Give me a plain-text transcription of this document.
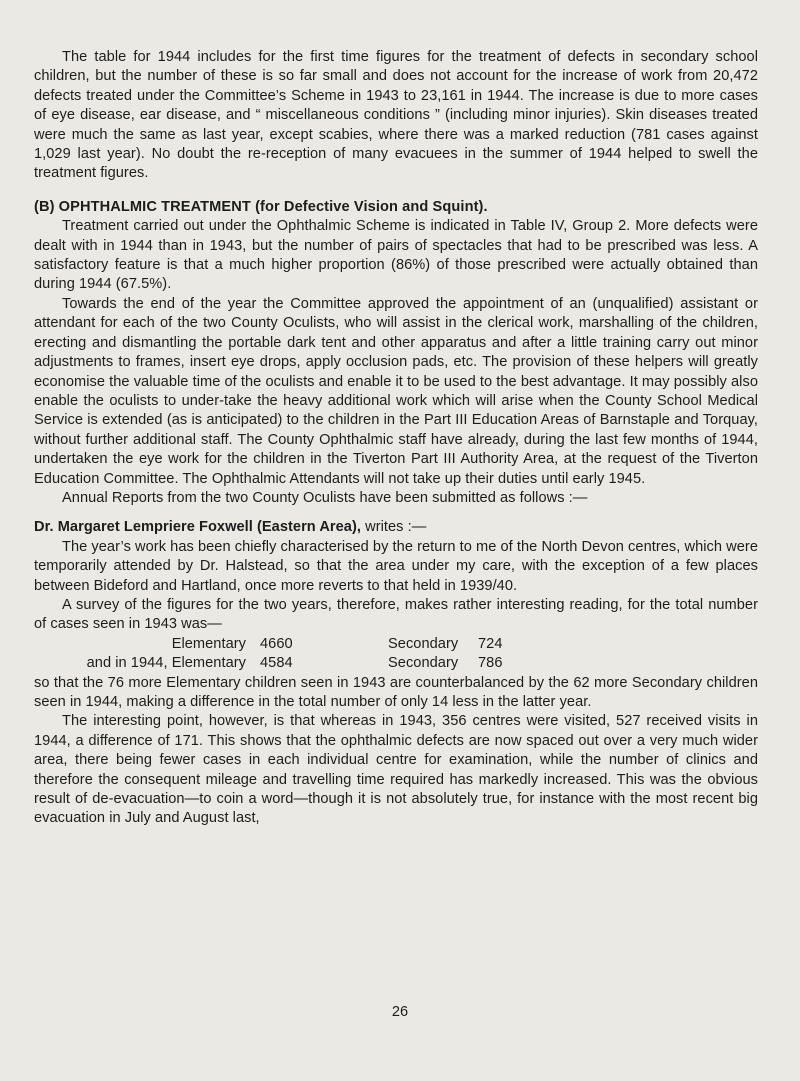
The table for 1944 includes for the first time figures for the treatment of defects in secondary school children, but the number of these is so far small and does not account for the increase of work from 20,472 defects treated under the Committee’s Scheme in 1943 to 23,161 in 1944. The increase is due to more cases of eye disease, ear disease, and “ miscellaneous conditions ” (including minor injuries). Skin diseases treated were much the same as last year, except scabies, where there was a marked reduction (781 cases against 1,029 last year). No doubt the re-reception of many evacuees in the summer of 1944 helped to swell the treatment figures.

(B) OPHTHALMIC TREATMENT (for Defective Vision and Squint).

Treatment carried out under the Ophthalmic Scheme is indicated in Table IV, Group 2. More defects were dealt with in 1944 than in 1943, but the number of pairs of spectacles that had to be prescribed was less. A satisfactory feature is that a much higher proportion (86%) of those prescribed were actually obtained than during 1944 (67.5%).

Towards the end of the year the Committee approved the appointment of an (unqualified) assistant or attendant for each of the two County Oculists, who will assist in the clerical work, marshalling of the children, erecting and dismantling the portable dark tent and other apparatus and after a little training carry out minor adjustments to frames, insert eye drops, apply occlusion pads, etc. The provision of these helpers will greatly economise the valuable time of the oculists and enable it to be used to the best advantage. It may possibly also enable the oculists to under-take the heavy additional work which will arise when the County School Medical Service is extended (as is anticipated) to the children in the Part III Education Areas of Barnstaple and Torquay, without further additional staff. The County Ophthalmic staff have already, during the last few months of 1944, undertaken the eye work for the children in the Tiverton Part III Authority Area, at the request of the Tiverton Education Committee. The Ophthalmic Attendants will not take up their duties until early 1945.

Annual Reports from the two County Oculists have been submitted as follows :—

Dr. Margaret Lempriere Foxwell (Eastern Area), writes :—

The year’s work has been chiefly characterised by the return to me of the North Devon centres, which were temporarily attended by Dr. Halstead, so that the area under my care, with the exception of a few places between Bideford and Hartland, once more reverts to that held in 1939/40.

A survey of the figures for the two years, therefore, makes rather interesting reading, for the total number of cases seen in 1943 was—

Elementary 4660	Secondary	724
and in 1944, Elementary 4584	Secondary	786

so that the 76 more Elementary children seen in 1943 are counterbalanced by the 62 more Secondary children seen in 1944, making a difference in the total number of only 14 less in the latter year.

The interesting point, however, is that whereas in 1943, 356 centres were visited, 527 received visits in 1944, a difference of 171. This shows that the ophthalmic defects are now spaced out over a very much wider area, there being fewer cases in each individual centre for examination, while the number of clinics and therefore the consequent mileage and travelling time required has markedly increased. This was the obvious result of de-evacuation—to coin a word—though it is not absolutely true, for instance with the most recent big evacuation in July and August last,

26
